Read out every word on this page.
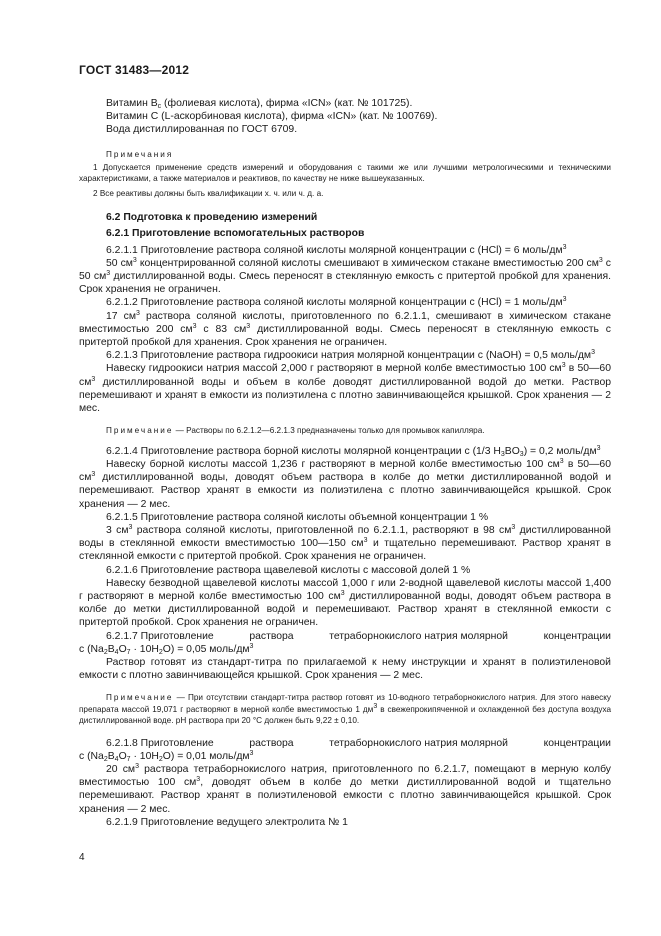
ГОСТ 31483—2012

Витамин $B_c$ (фолиевая кислота), фирма «ICN» (кат. № 101725).

Витамин С (L-аскорбиновая кислота), фирма «ICN» (кат. № 100769).

Вода дистиллированная по ГОСТ 6709.

Примечания

1 Допускается применение средств измерений и оборудования с такими же или лучшими метрологическими и техническими характеристиками, а также материалов и реактивов, по качеству не ниже вышеуказанных.

2 Все реактивы должны быть квалификации х. ч. или ч. д. а.

6.2 Подготовка к проведению измерений

6.2.1 Приготовление вспомогательных растворов

6.2.1.1 Приготовление раствора соляной кислоты молярной концентрации c (HCl) = 6 моль/$дм^3$

50 $см^3$ концентрированной соляной кислоты смешивают в химическом стакане вместимостью 200 $см^3$ с 50 $см^3$ дистиллированной воды. Смесь переносят в стеклянную емкость с притертой пробкой для хранения. Срок хранения не ограничен.

6.2.1.2 Приготовление раствора соляной кислоты молярной концентрации c (HCl) = 1 моль/$дм^3$

17 $см^3$ раствора соляной кислоты, приготовленного по 6.2.1.1, смешивают в химическом стакане вместимостью 200 $см^3$ с 83 $см^3$ дистиллированной воды. Смесь переносят в стеклянную емкость с притертой пробкой для хранения. Срок хранения не ограничен.

6.2.1.3 Приготовление раствора гидроокиси натрия молярной концентрации c (NaOH) = 0,5 моль/$дм^3$

Навеску гидроокиси натрия массой 2,000 г растворяют в мерной колбе вместимостью 100 $см^3$ в 50—60 $см^3$ дистиллированной воды и объем в колбе доводят дистиллированной водой до метки. Раствор перемешивают и хранят в емкости из полиэтилена с плотно завинчивающейся крышкой. Срок хранения — 2 мес.

Примечание — Растворы по 6.2.1.2—6.2.1.3 предназначены только для промывок капилляра.

6.2.1.4 Приготовление раствора борной кислоты молярной концентрации c (1/3 $H_3BO_3) = 0,2$ моль/$дм^3$

Навеску борной кислоты массой 1,236 г растворяют в мерной колбе вместимостью 100 $см^3$ в 50—60 $см^3$ дистиллированной воды, доводят объем раствора в колбе до метки дистиллированной водой и перемешивают. Раствор хранят в емкости из полиэтилена с плотно завинчивающейся крышкой. Срок хранения — 2 мес.

6.2.1.5 Приготовление раствора соляной кислоты объемной концентрации 1 %

3 $см^3$ раствора соляной кислоты, приготовленной по 6.2.1.1, растворяют в 98 $см^3$ дистиллированной воды в стеклянной емкости вместимостью 100—150 $см^3$ и тщательно перемешивают. Раствор хранят в стеклянной емкости с притертой пробкой. Срок хранения не ограничен.

6.2.1.6 Приготовление раствора щавелевой кислоты с массовой долей 1 %

Навеску безводной щавелевой кислоты массой 1,000 г или 2-водной щавелевой кислоты массой 1,400 г растворяют в мерной колбе вместимостью 100 $см^3$ дистиллированной воды, доводят объем раствора в колбе до метки дистиллированной водой и перемешивают. Раствор хранят в стеклянной емкости с притертой пробкой. Срок хранения не ограничен.

6.2.1.7 Приготовление	раствора	тетраборнокислого натрия молярной	концентрации

c $(Na_2B_4O_7 \cdot 10H_2O) = 0,05$ моль/$дм^3$

Раствор готовят из стандарт-титра по прилагаемой к нему инструкции и хранят в полиэтиленовой емкости с плотно завинчивающейся крышкой. Срок хранения — 2 мес.

Примечание — При отсутствии стандарт-титра раствор готовят из 10-водного тетраборнокислого натрия. Для этого навеску препарата массой 19,071 г растворяют в мерной колбе вместимостью 1 $дм^3$ в свежепрокипяченной и охлажденной без доступа воздуха дистиллированной воде. pH раствора при 20 °С должен быть 9,22 ± 0,10.

6.2.1.8 Приготовление	раствора	тетраборнокислого натрия молярной	концентрации

c $(Na_2B_4O_7 \cdot 10H_2O) = 0,01$ моль/$дм^3$

20 $см^3$ раствора тетраборнокислого натрия, приготовленного по 6.2.1.7, помещают в мерную колбу вместимостью 100 $см^3$, доводят объем в колбе до метки дистиллированной водой и тщательно перемешивают. Раствор хранят в полиэтиленовой емкости с плотно завинчивающейся крышкой. Срок хранения — 2 мес.

6.2.1.9 Приготовление ведущего электролита № 1

4
